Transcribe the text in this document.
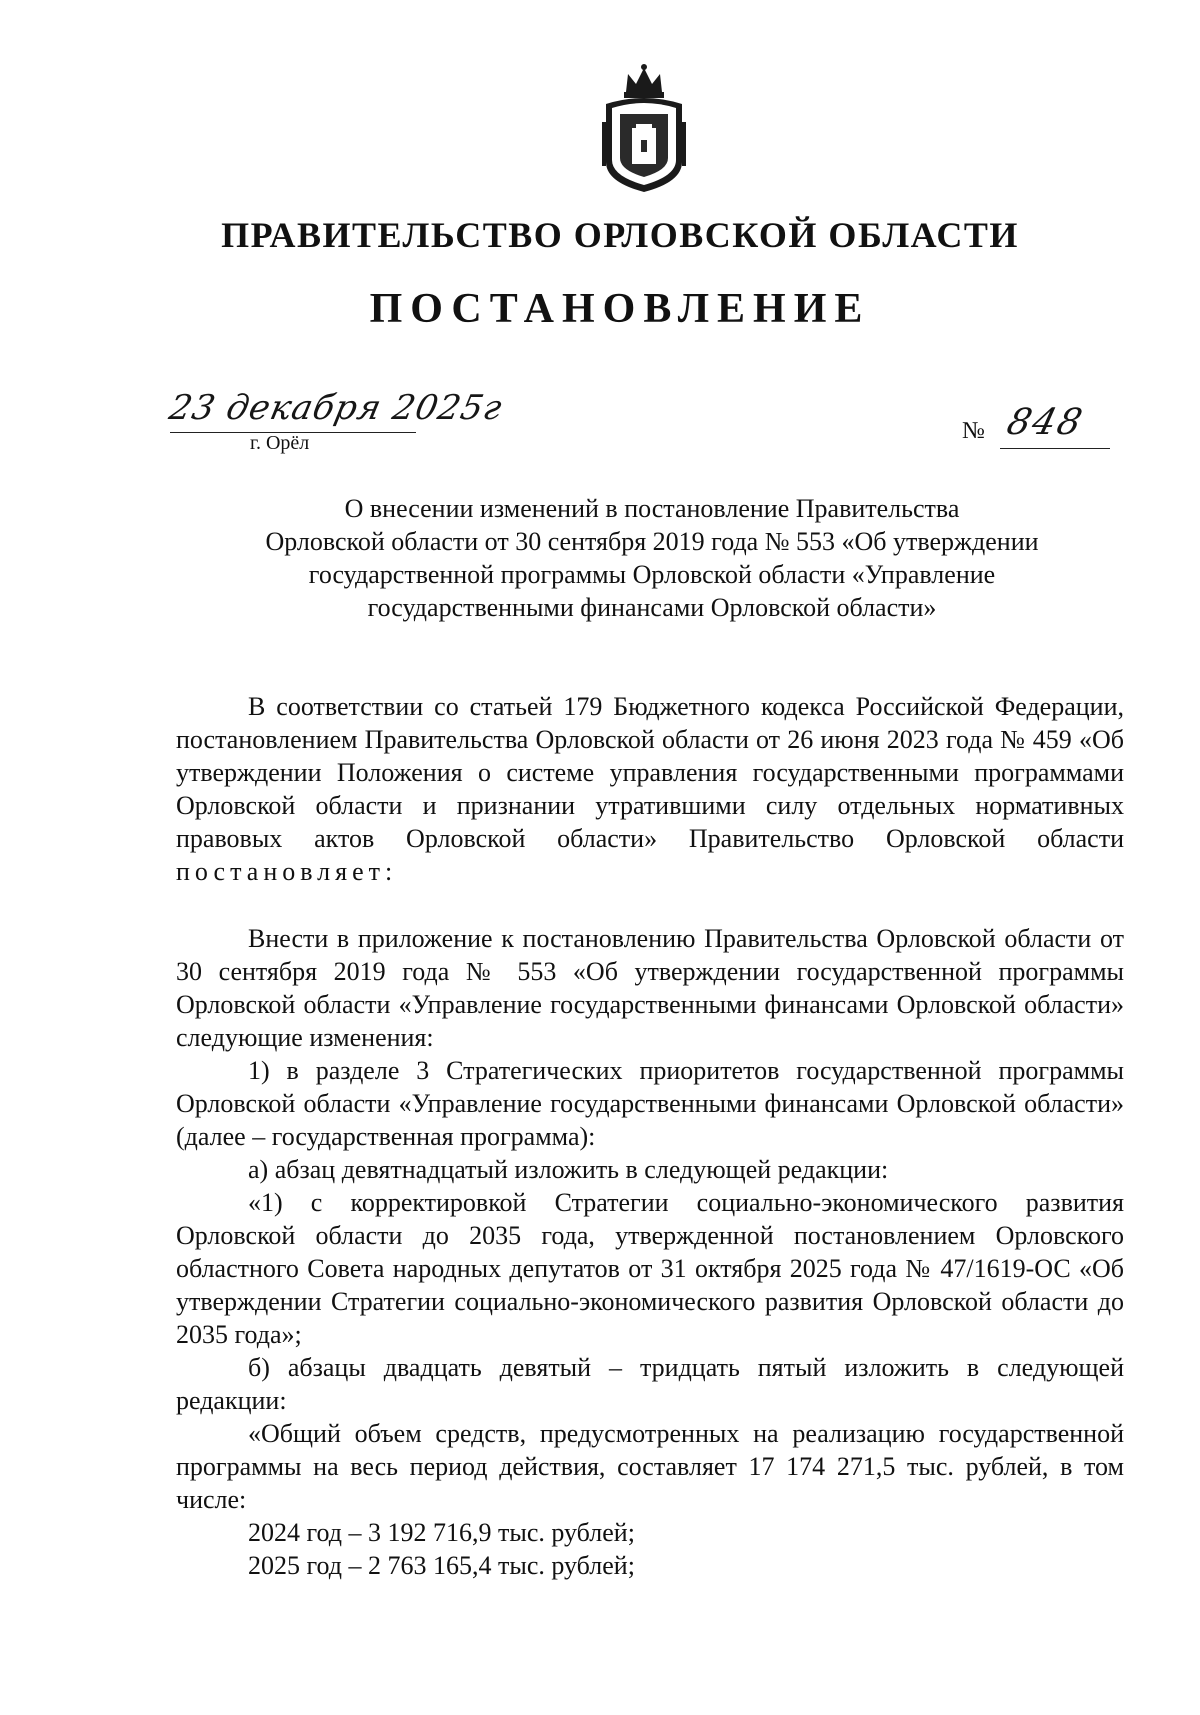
ПРАВИТЕЛЬСТВО ОРЛОВСКОЙ ОБЛАСТИ
ПОСТАНОВЛЕНИЕ
23 декабря 2025г
г. Орёл	№ 848
О внесении изменений в постановление Правительства
Орловской области от 30 сентября 2019 года № 553 «Об утверждении
государственной программы Орловской области «Управление
государственными финансами Орловской области»

В соответствии со статьей 179 Бюджетного кодекса Российской Федерации, постановлением Правительства Орловской области от 26 июня 2023 года № 459 «Об утверждении Положения о системе управления государственными программами Орловской области и признании утратившими силу отдельных нормативных правовых актов Орловской области» Правительство Орловской области постановляет:

Внести в приложение к постановлению Правительства Орловской области от 30 сентября 2019 года № 553 «Об утверждении государственной программы Орловской области «Управление государственными финансами Орловской области» следующие изменения:

1) в разделе 3 Стратегических приоритетов государственной программы Орловской области «Управление государственными финансами Орловской области» (далее – государственная программа):

а) абзац девятнадцатый изложить в следующей редакции:

«1) с корректировкой Стратегии социально-экономического развития Орловской области до 2035 года, утвержденной постановлением Орловского областного Совета народных депутатов от 31 октября 2025 года № 47/1619-ОС «Об утверждении Стратегии социально-экономического развития Орловской области до 2035 года»;

б) абзацы двадцать девятый – тридцать пятый изложить в следующей редакции:

«Общий объем средств, предусмотренных на реализацию государственной программы на весь период действия, составляет 17 174 271,5 тыс. рублей, в том числе:

2024 год – 3 192 716,9 тыс. рублей;

2025 год – 2 763 165,4 тыс. рублей;
